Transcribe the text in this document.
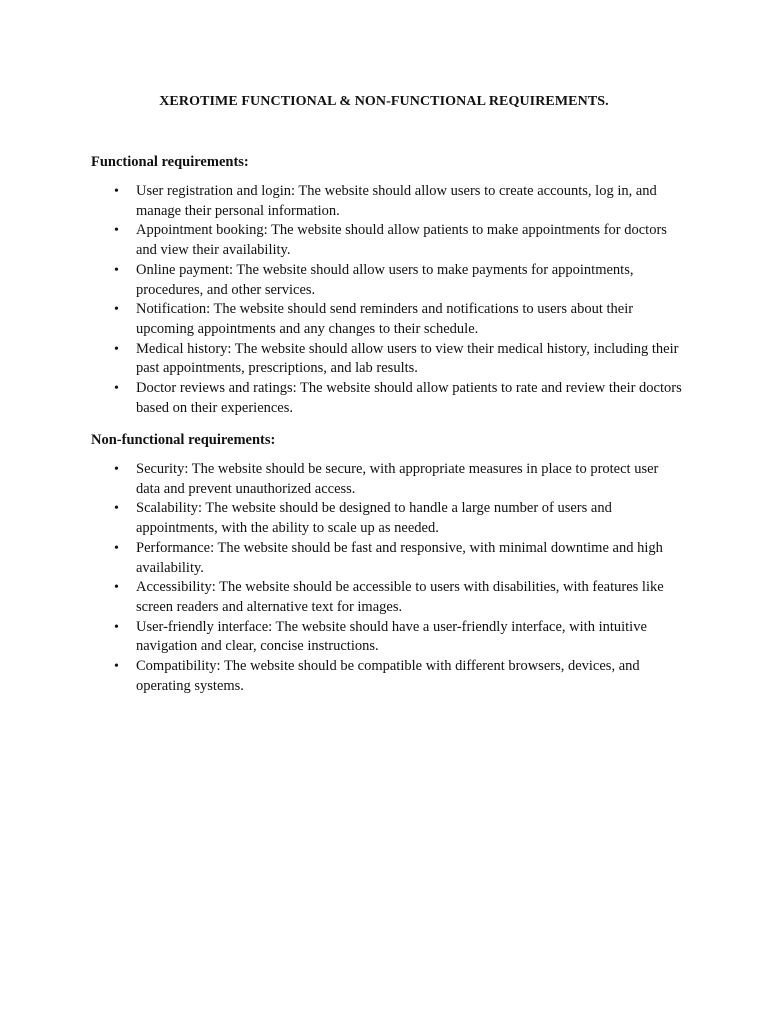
XEROTIME FUNCTIONAL & NON-FUNCTIONAL REQUIREMENTS.

Functional requirements:

• User registration and login: The website should allow users to create accounts, log in, and manage their personal information.
• Appointment booking: The website should allow patients to make appointments for doctors and view their availability.
• Online payment: The website should allow users to make payments for appointments, procedures, and other services.
• Notification: The website should send reminders and notifications to users about their upcoming appointments and any changes to their schedule.
• Medical history: The website should allow users to view their medical history, including their past appointments, prescriptions, and lab results.
• Doctor reviews and ratings: The website should allow patients to rate and review their doctors based on their experiences.

Non-functional requirements:

• Security: The website should be secure, with appropriate measures in place to protect user data and prevent unauthorized access.
• Scalability: The website should be designed to handle a large number of users and appointments, with the ability to scale up as needed.
• Performance: The website should be fast and responsive, with minimal downtime and high availability.
• Accessibility: The website should be accessible to users with disabilities, with features like screen readers and alternative text for images.
• User-friendly interface: The website should have a user-friendly interface, with intuitive navigation and clear, concise instructions.
• Compatibility: The website should be compatible with different browsers, devices, and operating systems.
